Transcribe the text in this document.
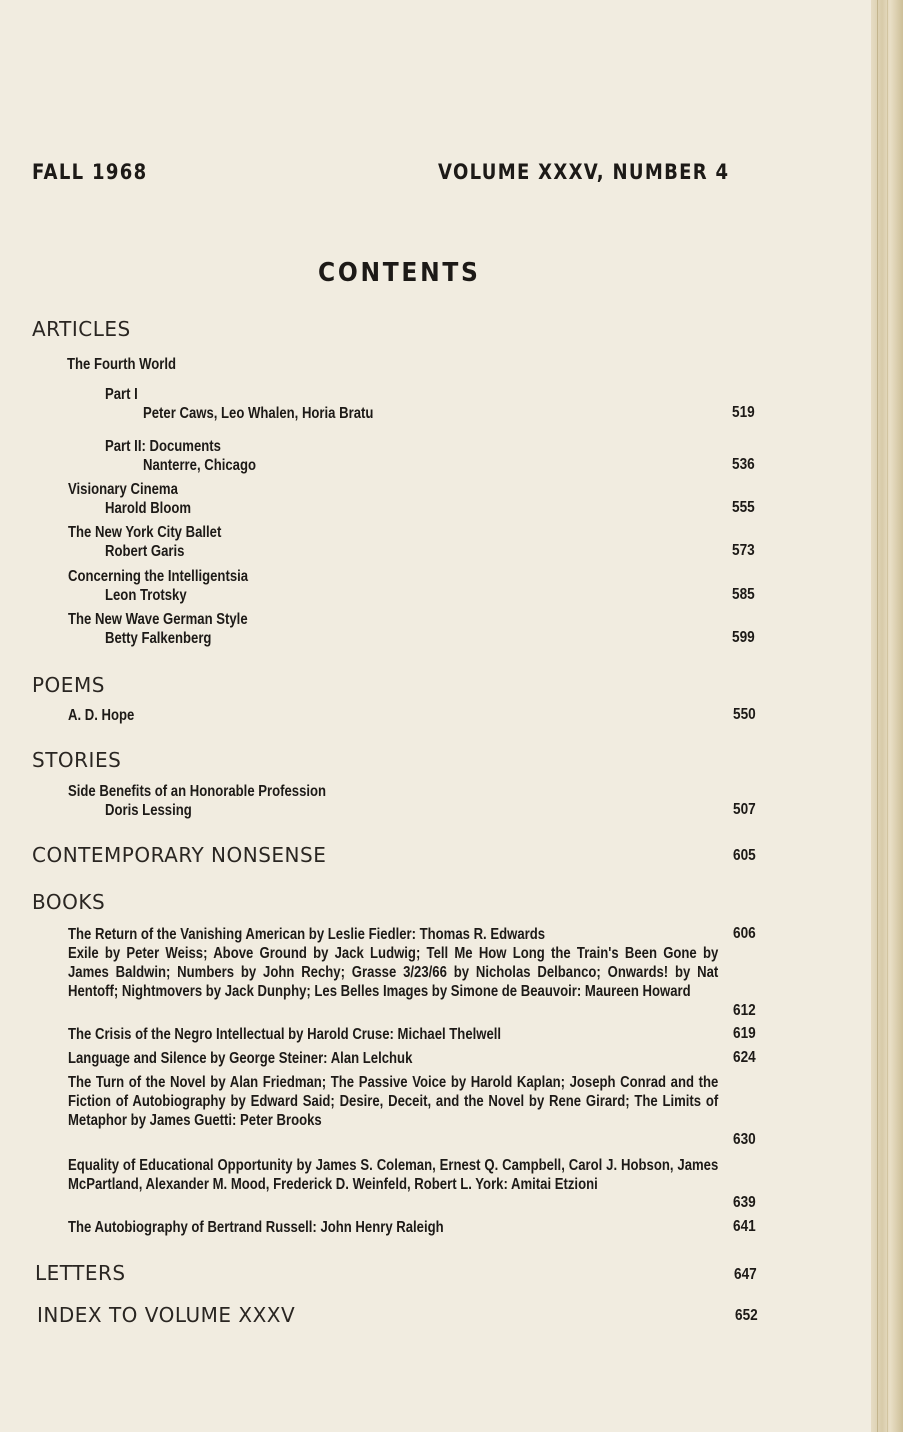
FALL 1968	VOLUME XXXV, NUMBER 4
CONTENTS
ARTICLES
The Fourth World
Part I
Peter Caws, Leo Whalen, Horia Bratu	519
Part II: Documents
Nanterre, Chicago	536
Visionary Cinema
Harold Bloom	555
The New York City Ballet
Robert Garis	573
Concerning the Intelligentsia
Leon Trotsky	585
The New Wave German Style
Betty Falkenberg	599
POEMS
A. D. Hope	550
STORIES
Side Benefits of an Honorable Profession
Doris Lessing	507
CONTEMPORARY NONSENSE	605
BOOKS
The Return of the Vanishing American by Leslie Fiedler: Thomas R. Edwards	606
Exile by Peter Weiss; Above Ground by Jack Ludwig; Tell Me How Long the Train's Been Gone by James Baldwin; Numbers by John Rechy; Grasse 3/23/66 by Nicholas Delbanco; Onwards! by Nat Hentoff; Nightmovers by Jack Dunphy; Les Belles Images by Simone de Beauvoir: Maureen Howard
612
The Crisis of the Negro Intellectual by Harold Cruse: Michael Thelwell	619
Language and Silence by George Steiner: Alan Lelchuk	624
The Turn of the Novel by Alan Friedman; The Passive Voice by Harold Kaplan; Joseph Conrad and the Fiction of Autobiography by Edward Said; Desire, Deceit, and the Novel by Rene Girard; The Limits of Metaphor by James Guetti: Peter Brooks
630
Equality of Educational Opportunity by James S. Coleman, Ernest Q. Campbell, Carol J. Hobson, James McPartland, Alexander M. Mood, Frederick D. Weinfeld, Robert L. York: Amitai Etzioni
639
The Autobiography of Bertrand Russell: John Henry Raleigh	641
LETTERS	647
INDEX TO VOLUME XXXV	652
